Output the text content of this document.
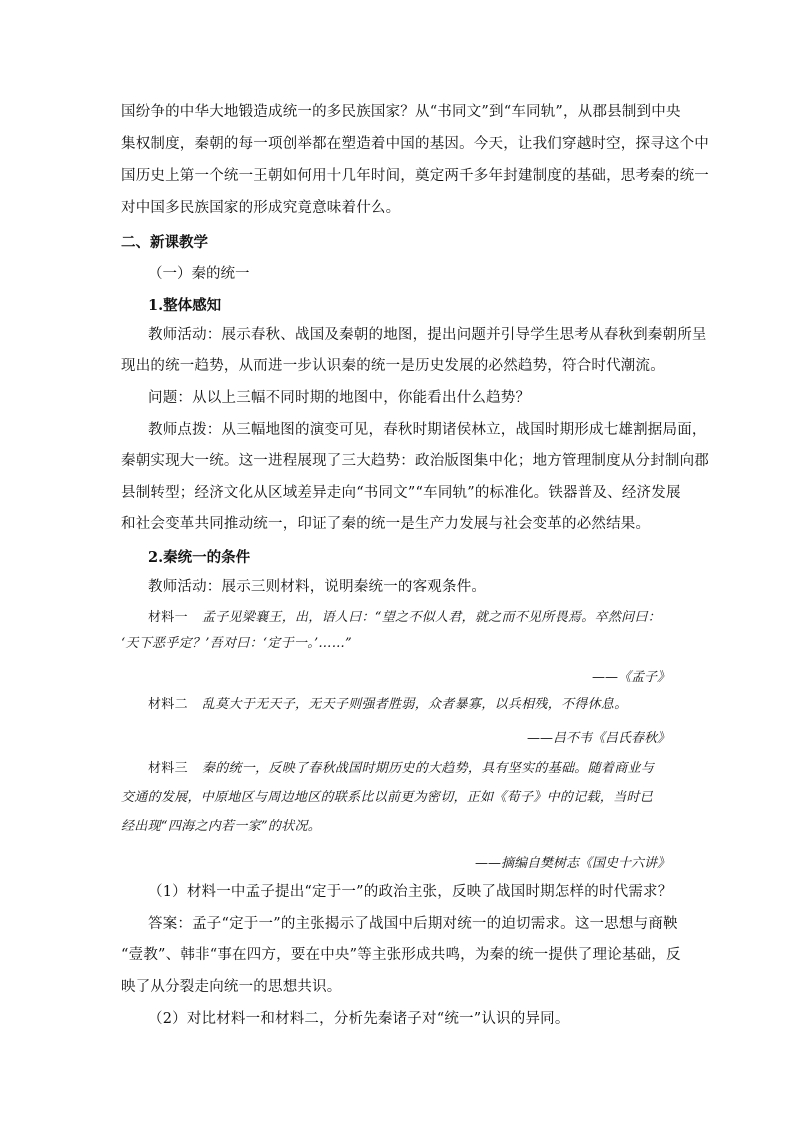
国纷争的中华大地锻造成统一的多民族国家？从“书同文”到“车同轨”，从郡县制到中央
集权制度，秦朝的每一项创举都在塑造着中国的基因。今天，让我们穿越时空，探寻这个中
国历史上第一个统一王朝如何用十几年时间，奠定两千多年封建制度的基础，思考秦的统一
对中国多民族国家的形成究竟意味着什么。
二、新课教学
（一）秦的统一
1.整体感知
教师活动：展示春秋、战国及秦朝的地图，提出问题并引导学生思考从春秋到秦朝所呈
现出的统一趋势，从而进一步认识秦的统一是历史发展的必然趋势，符合时代潮流。
问题：从以上三幅不同时期的地图中，你能看出什么趋势？
教师点拨：从三幅地图的演变可见，春秋时期诸侯林立，战国时期形成七雄割据局面，
秦朝实现大一统。这一进程展现了三大趋势：政治版图集中化；地方管理制度从分封制向郡
县制转型；经济文化从区域差异走向“书同文”“车同轨”的标准化。铁器普及、经济发展
和社会变革共同推动统一，印证了秦的统一是生产力发展与社会变革的必然结果。
2.秦统一的条件
教师活动：展示三则材料，说明秦统一的客观条件。
材料一 孟子见梁襄王，出，语人曰：“望之不似人君，就之而不见所畏焉。卒然问曰：
‘天下恶乎定？’吾对曰：‘定于一。’……”
——《孟子》
材料二 乱莫大于无天子，无天子则强者胜弱，众者暴寡，以兵相残，不得休息。
——吕不韦《吕氏春秋》
材料三 秦的统一，反映了春秋战国时期历史的大趋势，具有坚实的基础。随着商业与
交通的发展，中原地区与周边地区的联系比以前更为密切，正如《荀子》中的记载，当时已
经出现“四海之内若一家”的状况。
——摘编自樊树志《国史十六讲》
（1）材料一中孟子提出“定于一”的政治主张，反映了战国时期怎样的时代需求？
答案：孟子“定于一”的主张揭示了战国中后期对统一的迫切需求。这一思想与商鞅
“壹教”、韩非“事在四方，要在中央”等主张形成共鸣，为秦的统一提供了理论基础，反
映了从分裂走向统一的思想共识。
（2）对比材料一和材料二，分析先秦诸子对“统一”认识的异同。
